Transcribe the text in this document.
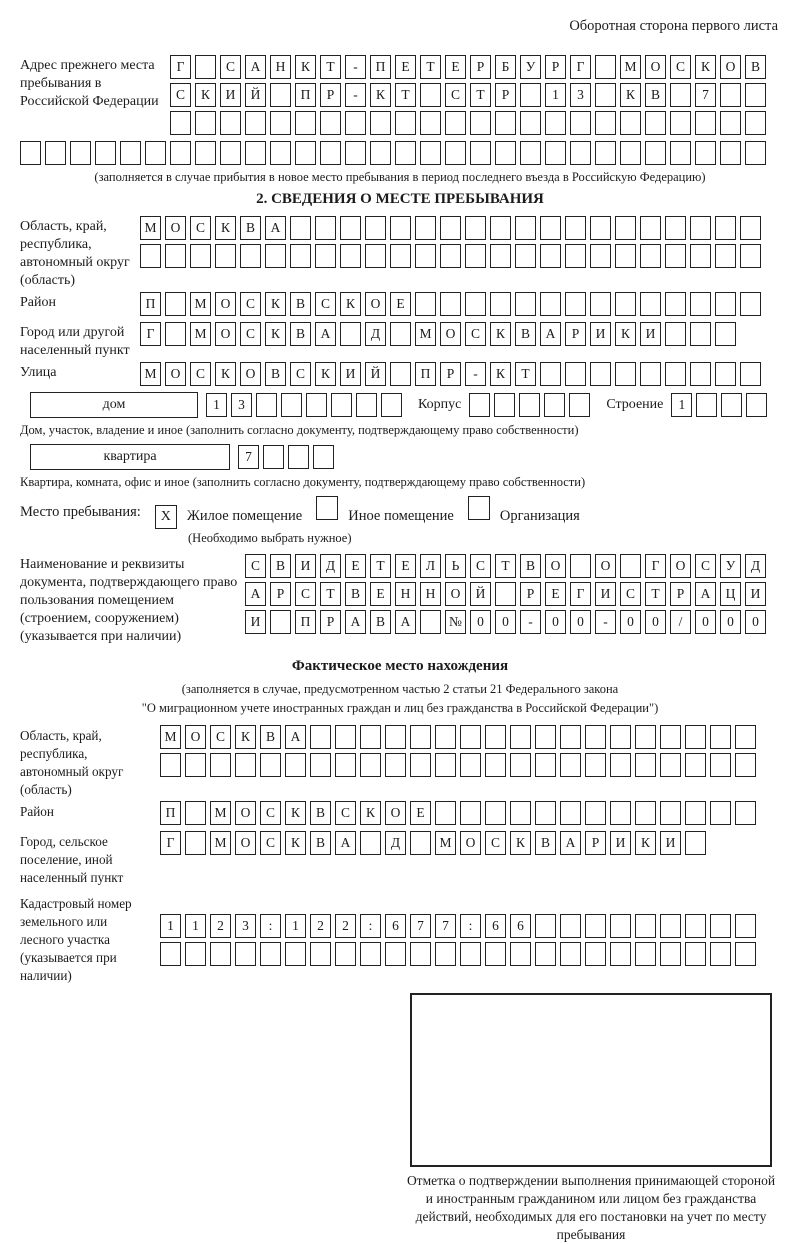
Оборотная сторона первого листа
Адрес прежнего места пребывания в Российской Федерации
Г	С А Н К Т - П Е Т Е Р Б У Р Г	М О С К О В
С К И Й	П Р - К Т	С Т Р	1 3	К В	7
(заполняется в случае прибытия в новое место пребывания в период последнего въезда в Российскую Федерацию)
2. СВЕДЕНИЯ О МЕСТЕ ПРЕБЫВАНИЯ
Область, край, республика, автономный округ (область)
М О С К В А
Район	П	М О С К В С К О Е
Город или другой населенный пункт
Г	М О С К В А	Д	М О С К В А Р И К И
Улица	М О С К О В С К И Й	П Р - К Т
дом	1 3	Корпус	Строение 1
Дом, участок, владение и иное (заполнить согласно документу, подтверждающему право собственности)
квартира	7
Квартира, комната, офис и иное (заполнить согласно документу, подтверждающему право собственности)
Место пребывания:	X Жилое помещение	Иное помещение	Организация
(Необходимо выбрать нужное)
Наименование и реквизиты документа, подтверждающего право пользования помещением (строением, сооружением) (указывается при наличии)
С В И Д Е Т Е Л Ь С Т В О	О	Г О С У Д
А Р С Т В Е Н Н О Й	Р Е Г И С Т Р А Ц И
И	П Р А В А	№ 0 0 - 0 0 - 0 0 / 0 0 0
Фактическое место нахождения
(заполняется в случае, предусмотренном частью 2 статьи 21 Федерального закона
"О миграционном учете иностранных граждан и лиц без гражданства в Российской Федерации")
Область, край, республика, автономный округ (область)
М О С К В А
Район	П	М О С К В С К О Е
Город, сельское поселение, иной населенный пункт
Г	М О С К В А	Д	М О С К В А Р И К И
Кадастровый номер земельного или лесного участка (указывается при наличии)
1 1 2 3 : 1 2 2 : 6 7 7 : 6 6
Отметка о подтверждении выполнения принимающей стороной и иностранным гражданином или лицом без гражданства действий, необходимых для его постановки на учет по месту пребывания
